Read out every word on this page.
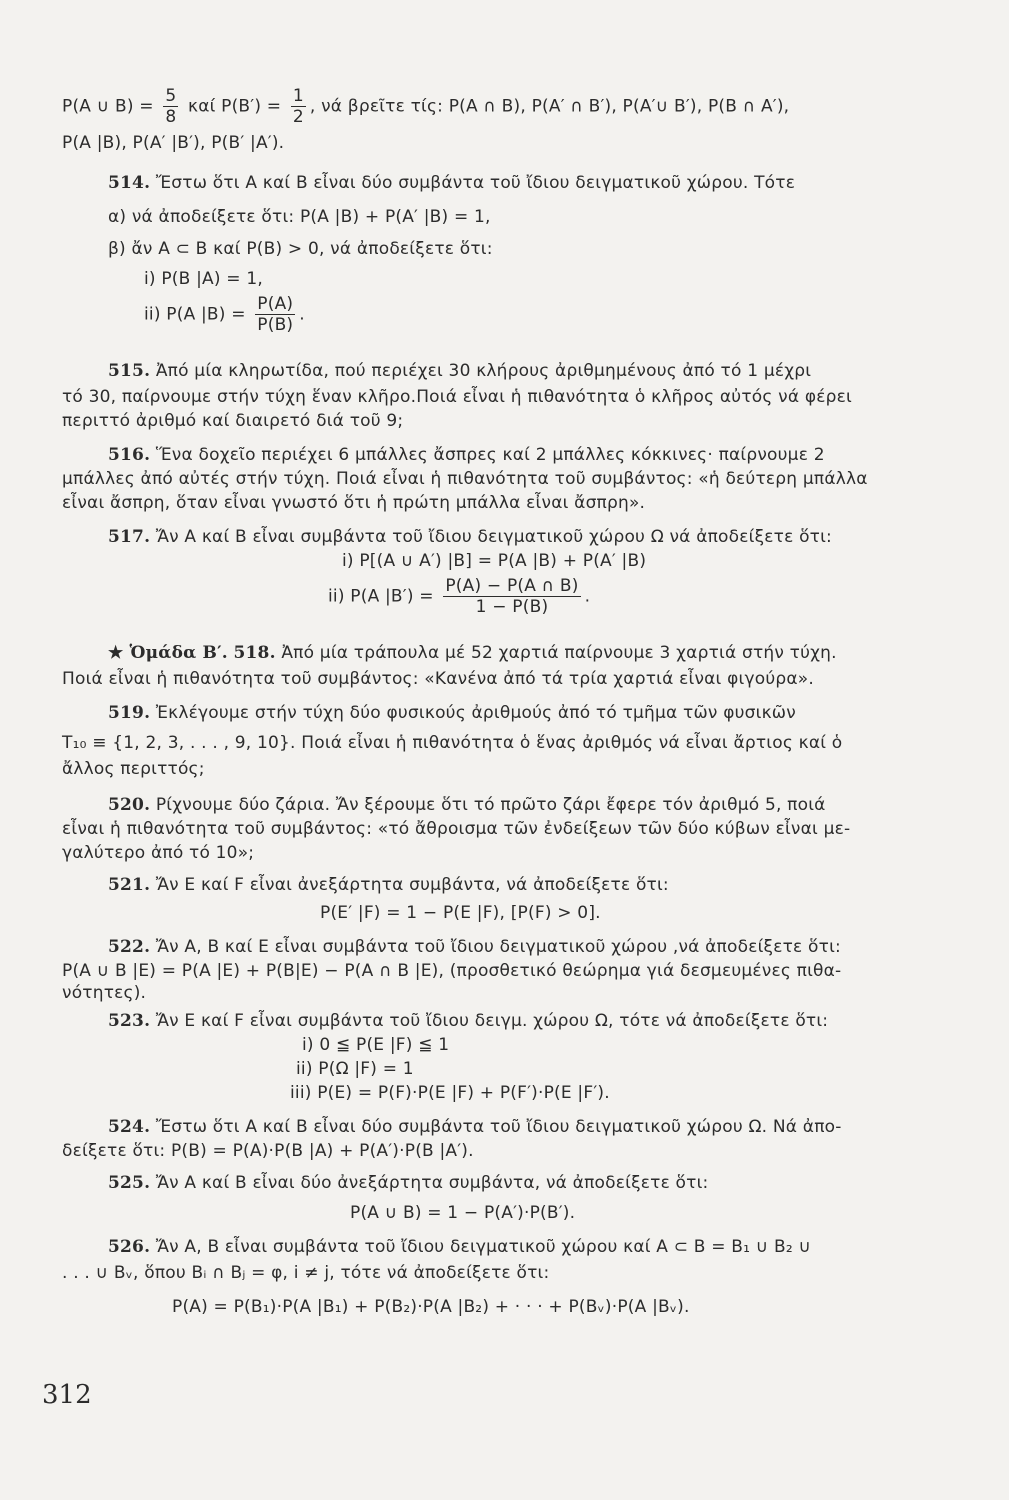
P(A ∪ $B) = \frac{5}{8}$ καί $P(B') = \frac{1}{2}$ , νά βρεῖτε τίς: P(A ∩ B), P(A′ ∩ B′), P(A′∪ B′), P(B ∩ A′),
P(A |B), P(A′ |B′), P(B′ |A′).
514. Ἔστω ὅτι A καί B εἶναι δύο συμβάντα τοῦ ἴδιου δειγματικοῦ χώρου. Τότε
α) νά ἀποδείξετε ὅτι: P(A |B) + P(A′ |B) = 1,
β) ἄν A ⊂ B καί P(B) > 0, νά ἀποδείξετε ὅτι:
i) P(B |A) = 1,
ii) P(A $|B) = \frac{P(A)}{P(B)}$ .
515. Ἀπό μία κληρωτίδα, πού περιέχει 30 κλήρους ἀριθμημένους ἀπό τό 1 μέχρι
τό 30, παίρνουμε στήν τύχη ἕναν κλῆρο.Ποιά εἶναι ἡ πιθανότητα ὁ κλῆρος αὐτός νά φέρει
περιττό ἀριθμό καί διαιρετό διά τοῦ 9;
516. Ἕνα δοχεῖο περιέχει 6 μπάλλες ἄσπρες καί 2 μπάλλες κόκκινες· παίρνουμε 2
μπάλλες ἀπό αὐτές στήν τύχη. Ποιά εἶναι ἡ πιθανότητα τοῦ συμβάντος: «ἡ δεύτερη μπάλλα
εἶναι ἄσπρη, ὅταν εἶναι γνωστό ὅτι ἡ πρώτη μπάλλα εἶναι ἄσπρη».
517. Ἄν A καί B εἶναι συμβάντα τοῦ ἴδιου δειγματικοῦ χώρου Ω νά ἀποδείξετε ὅτι:
i) P[(A ∪ A′) |B] = P(A |B) + P(A′ |B)
ii) P(A $|B') = \frac{P(A) - P(A \cap B)}{1 - P(B)}$ .
★ Ὁμάδα B′. 518. Ἀπό μία τράπουλα μέ 52 χαρτιά παίρνουμε 3 χαρτιά στήν τύχη.
Ποιά εἶναι ἡ πιθανότητα τοῦ συμβάντος: «Κανένα ἀπό τά τρία χαρτιά εἶναι φιγούρα».
519. Ἐκλέγουμε στήν τύχη δύο φυσικούς ἀριθμούς ἀπό τό τμῆμα τῶν φυσικῶν
T₁₀ ≡ {1, 2, 3, . . . , 9, 10}. Ποιά εἶναι ἡ πιθανότητα ὁ ἕνας ἀριθμός νά εἶναι ἄρτιος καί ὁ
ἄλλος περιττός;
520. Ρίχνουμε δύο ζάρια. Ἄν ξέρουμε ὅτι τό πρῶτο ζάρι ἔφερε τόν ἀριθμό 5, ποιά
εἶναι ἡ πιθανότητα τοῦ συμβάντος: «τό ἄθροισμα τῶν ἐνδείξεων τῶν δύο κύβων εἶναι με-
γαλύτερο ἀπό τό 10»;
521. Ἄν E καί F εἶναι ἀνεξάρτητα συμβάντα, νά ἀποδείξετε ὅτι:
P(E′ |F) = 1 − P(E |F), [P(F) > 0].
522. Ἄν A, B καί E εἶναι συμβάντα τοῦ ἴδιου δειγματικοῦ χώρου ,νά ἀποδείξετε ὅτι:
P(A ∪ B |E) = P(A |E) + P(B|E) − P(A ∩ B |E), (προσθετικό θεώρημα γιά δεσμευμένες πιθα-
νότητες).
523. Ἄν E καί F εἶναι συμβάντα τοῦ ἴδιου δειγμ. χώρου Ω, τότε νά ἀποδείξετε ὅτι:
i) 0 ≦ P(E |F) ≦ 1
ii) P(Ω |F) = 1
iii) P(E) = P(F)·P(E |F) + P(F′)·P(E |F′).
524. Ἔστω ὅτι A καί B εἶναι δύο συμβάντα τοῦ ἴδιου δειγματικοῦ χώρου Ω. Νά ἀπο-
δείξετε ὅτι: P(B) = P(A)·P(B |A) + P(A′)·P(B |A′).
525. Ἄν A καί B εἶναι δύο ἀνεξάρτητα συμβάντα, νά ἀποδείξετε ὅτι:
P(A ∪ B) = 1 − P(A′)·P(B′).
526. Ἄν A, B εἶναι συμβάντα τοῦ ἴδιου δειγματικοῦ χώρου καί A ⊂ B = B₁ ∪ B₂ ∪
. . . ∪ Bᵥ, ὅπου Bᵢ ∩ Bⱼ = φ, i ≠ j, τότε νά ἀποδείξετε ὅτι:
P(A) = P(B₁)·P(A |B₁) + P(B₂)·P(A |B₂) + · · · + P(Bᵥ)·P(A |Bᵥ).
312
